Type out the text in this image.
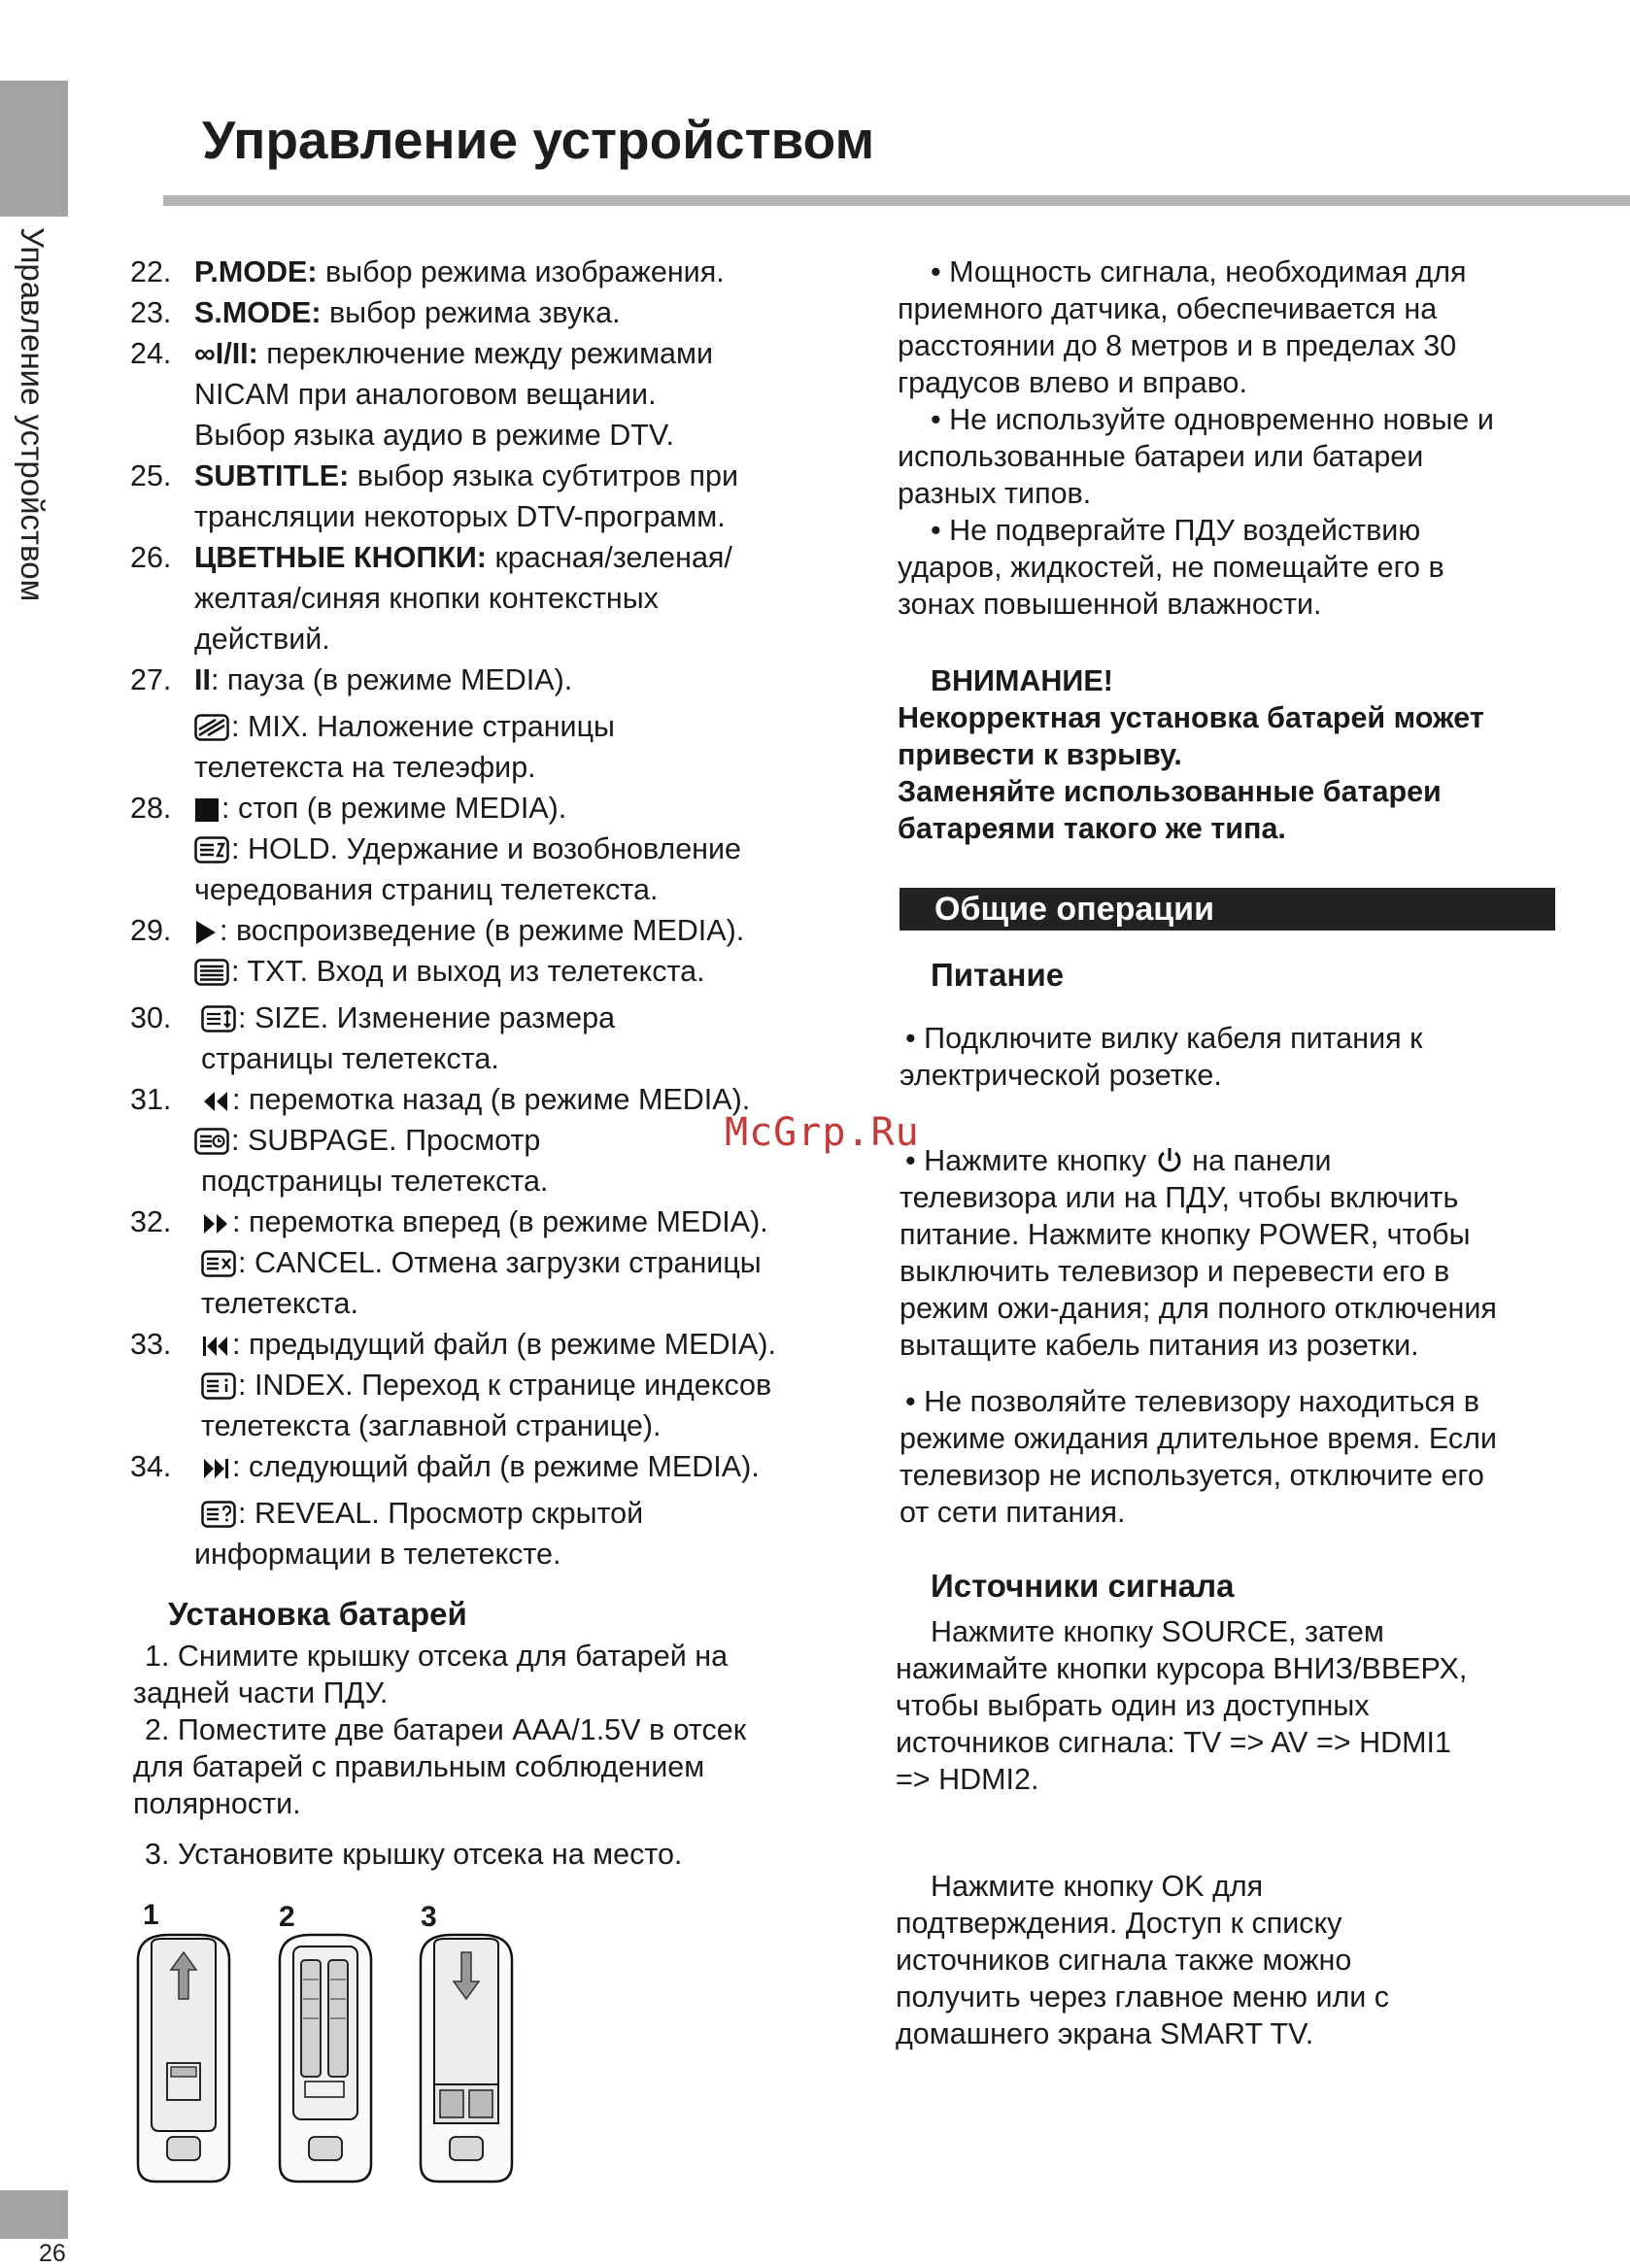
Управление устройством
Управление устройством
26
McGrp.Ru
22. P.MODE: выбор режима изображения.
23. S.MODE: выбор режима звука.
24. ∞I/II: переключение между режимами
NICAM при аналоговом вещании.
Выбор языка аудио в режиме DTV.
25. SUBTITLE: выбор языка субтитров при
трансляции некоторых DTV-программ.
26. ЦВЕТНЫЕ КНОПКИ: красная/зеленая/
желтая/синяя кнопки контекстных
действий.
27. II: пауза (в режиме MEDIA).
: MIX. Наложение страницы
телетекста на телеэфир.
28. : стоп (в режиме MEDIA).
: HOLD. Удержание и возобновление
чередования страниц телетекста.
29. : воспроизведение (в режиме MEDIA).
: TXT. Вход и выход из телетекста.
30.	: SIZE. Изменение размера
страницы телетекста.
31.	: перемотка назад (в режиме MEDIA).
: SUBPAGE. Просмотр
подстраницы телетекста.
32.	: перемотка вперед (в режиме MEDIA).
: CANCEL. Отмена загрузки страницы
телетекста.
33.	: предыдущий файл (в режиме MEDIA).
: INDEX. Переход к странице индексов
телетекста (заглавной странице).
34.	: следующий файл (в режиме MEDIA).
: REVEAL. Просмотр скрытой
информации в телетексте.
Установка батарей
1. Снимите крышку отсека для батарей на
задней части ПДУ.
2. Поместите две батареи AAA/1.5V в отсек
для батарей с правильным соблюдением
полярности.
3. Установите крышку отсека на место.
1	2	3
• Мощность сигнала, необходимая для
приемного датчика, обеспечивается на
расстоянии до 8 метров и в пределах 30
градусов влево и вправо.
• Не используйте одновременно новые и
использованные батареи или батареи
разных типов.
• Не подвергайте ПДУ воздействию
ударов, жидкостей, не помещайте его в
зонах повышенной влажности.
ВНИМАНИЕ!
Некорректная установка батарей может
привести к взрыву.
Заменяйте использованные батареи
батареями такого же типа.
Общие операции
Питание
• Подключите вилку кабеля питания к
электрической розетке.
• Нажмите кнопку  на панели
телевизора или на ПДУ, чтобы включить
питание. Нажмите кнопку POWER, чтобы
выключить телевизор и перевести его в
режим ожи-дания; для полного отключения
вытащите кабель питания из розетки.
• Не позволяйте телевизору находиться в
режиме ожидания длительное время. Если
телевизор не используется, отключите его
от сети питания.
Источники сигнала
Нажмите кнопку SOURCE, затем
нажимайте кнопки курсора ВНИЗ/ВВЕРХ,
чтобы выбрать один из доступных
источников сигнала: TV => AV => HDMI1
=> HDMI2.
Нажмите кнопку OK для
подтверждения. Доступ к списку
источников сигнала также можно
получить через главное меню или с
домашнего экрана SMART TV.
